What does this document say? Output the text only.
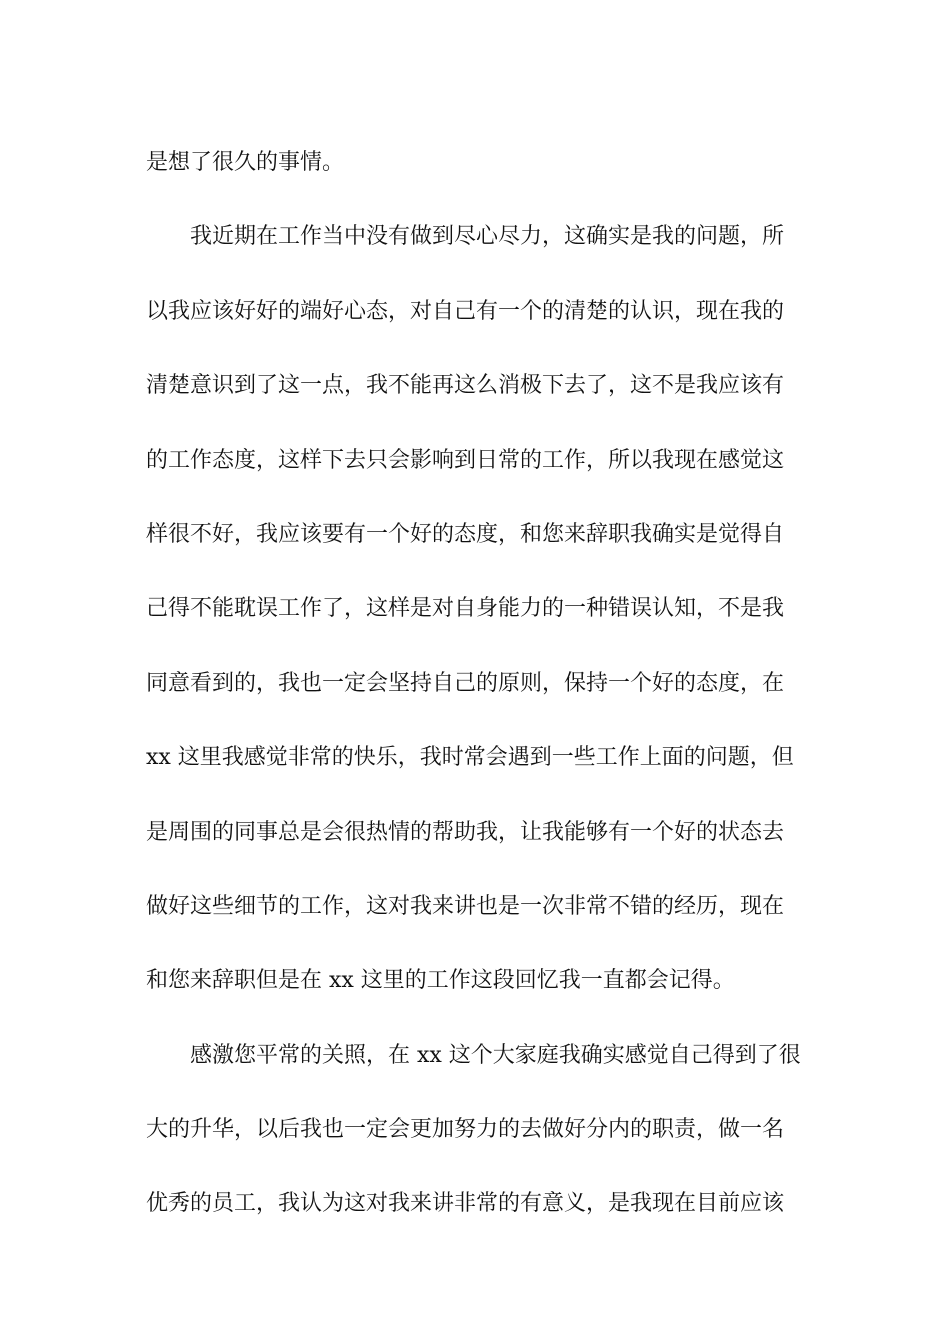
是想了很久的事情。
我近期在工作当中没有做到尽心尽力，这确实是我的问题，所
以我应该好好的端好心态，对自己有一个的清楚的认识，现在我的
清楚意识到了这一点，我不能再这么消极下去了，这不是我应该有
的工作态度，这样下去只会影响到日常的工作，所以我现在感觉这
样很不好，我应该要有一个好的态度，和您来辞职我确实是觉得自
己得不能耽误工作了，这样是对自身能力的一种错误认知，不是我
同意看到的，我也一定会坚持自己的原则，保持一个好的态度，在
xx 这里我感觉非常的快乐，我时常会遇到一些工作上面的问题，但
是周围的同事总是会很热情的帮助我，让我能够有一个好的状态去
做好这些细节的工作，这对我来讲也是一次非常不错的经历，现在
和您来辞职但是在 xx 这里的工作这段回忆我一直都会记得。
感激您平常的关照，在 xx 这个大家庭我确实感觉自己得到了很
大的升华，以后我也一定会更加努力的去做好分内的职责，做一名
优秀的员工，我认为这对我来讲非常的有意义，是我现在目前应该
